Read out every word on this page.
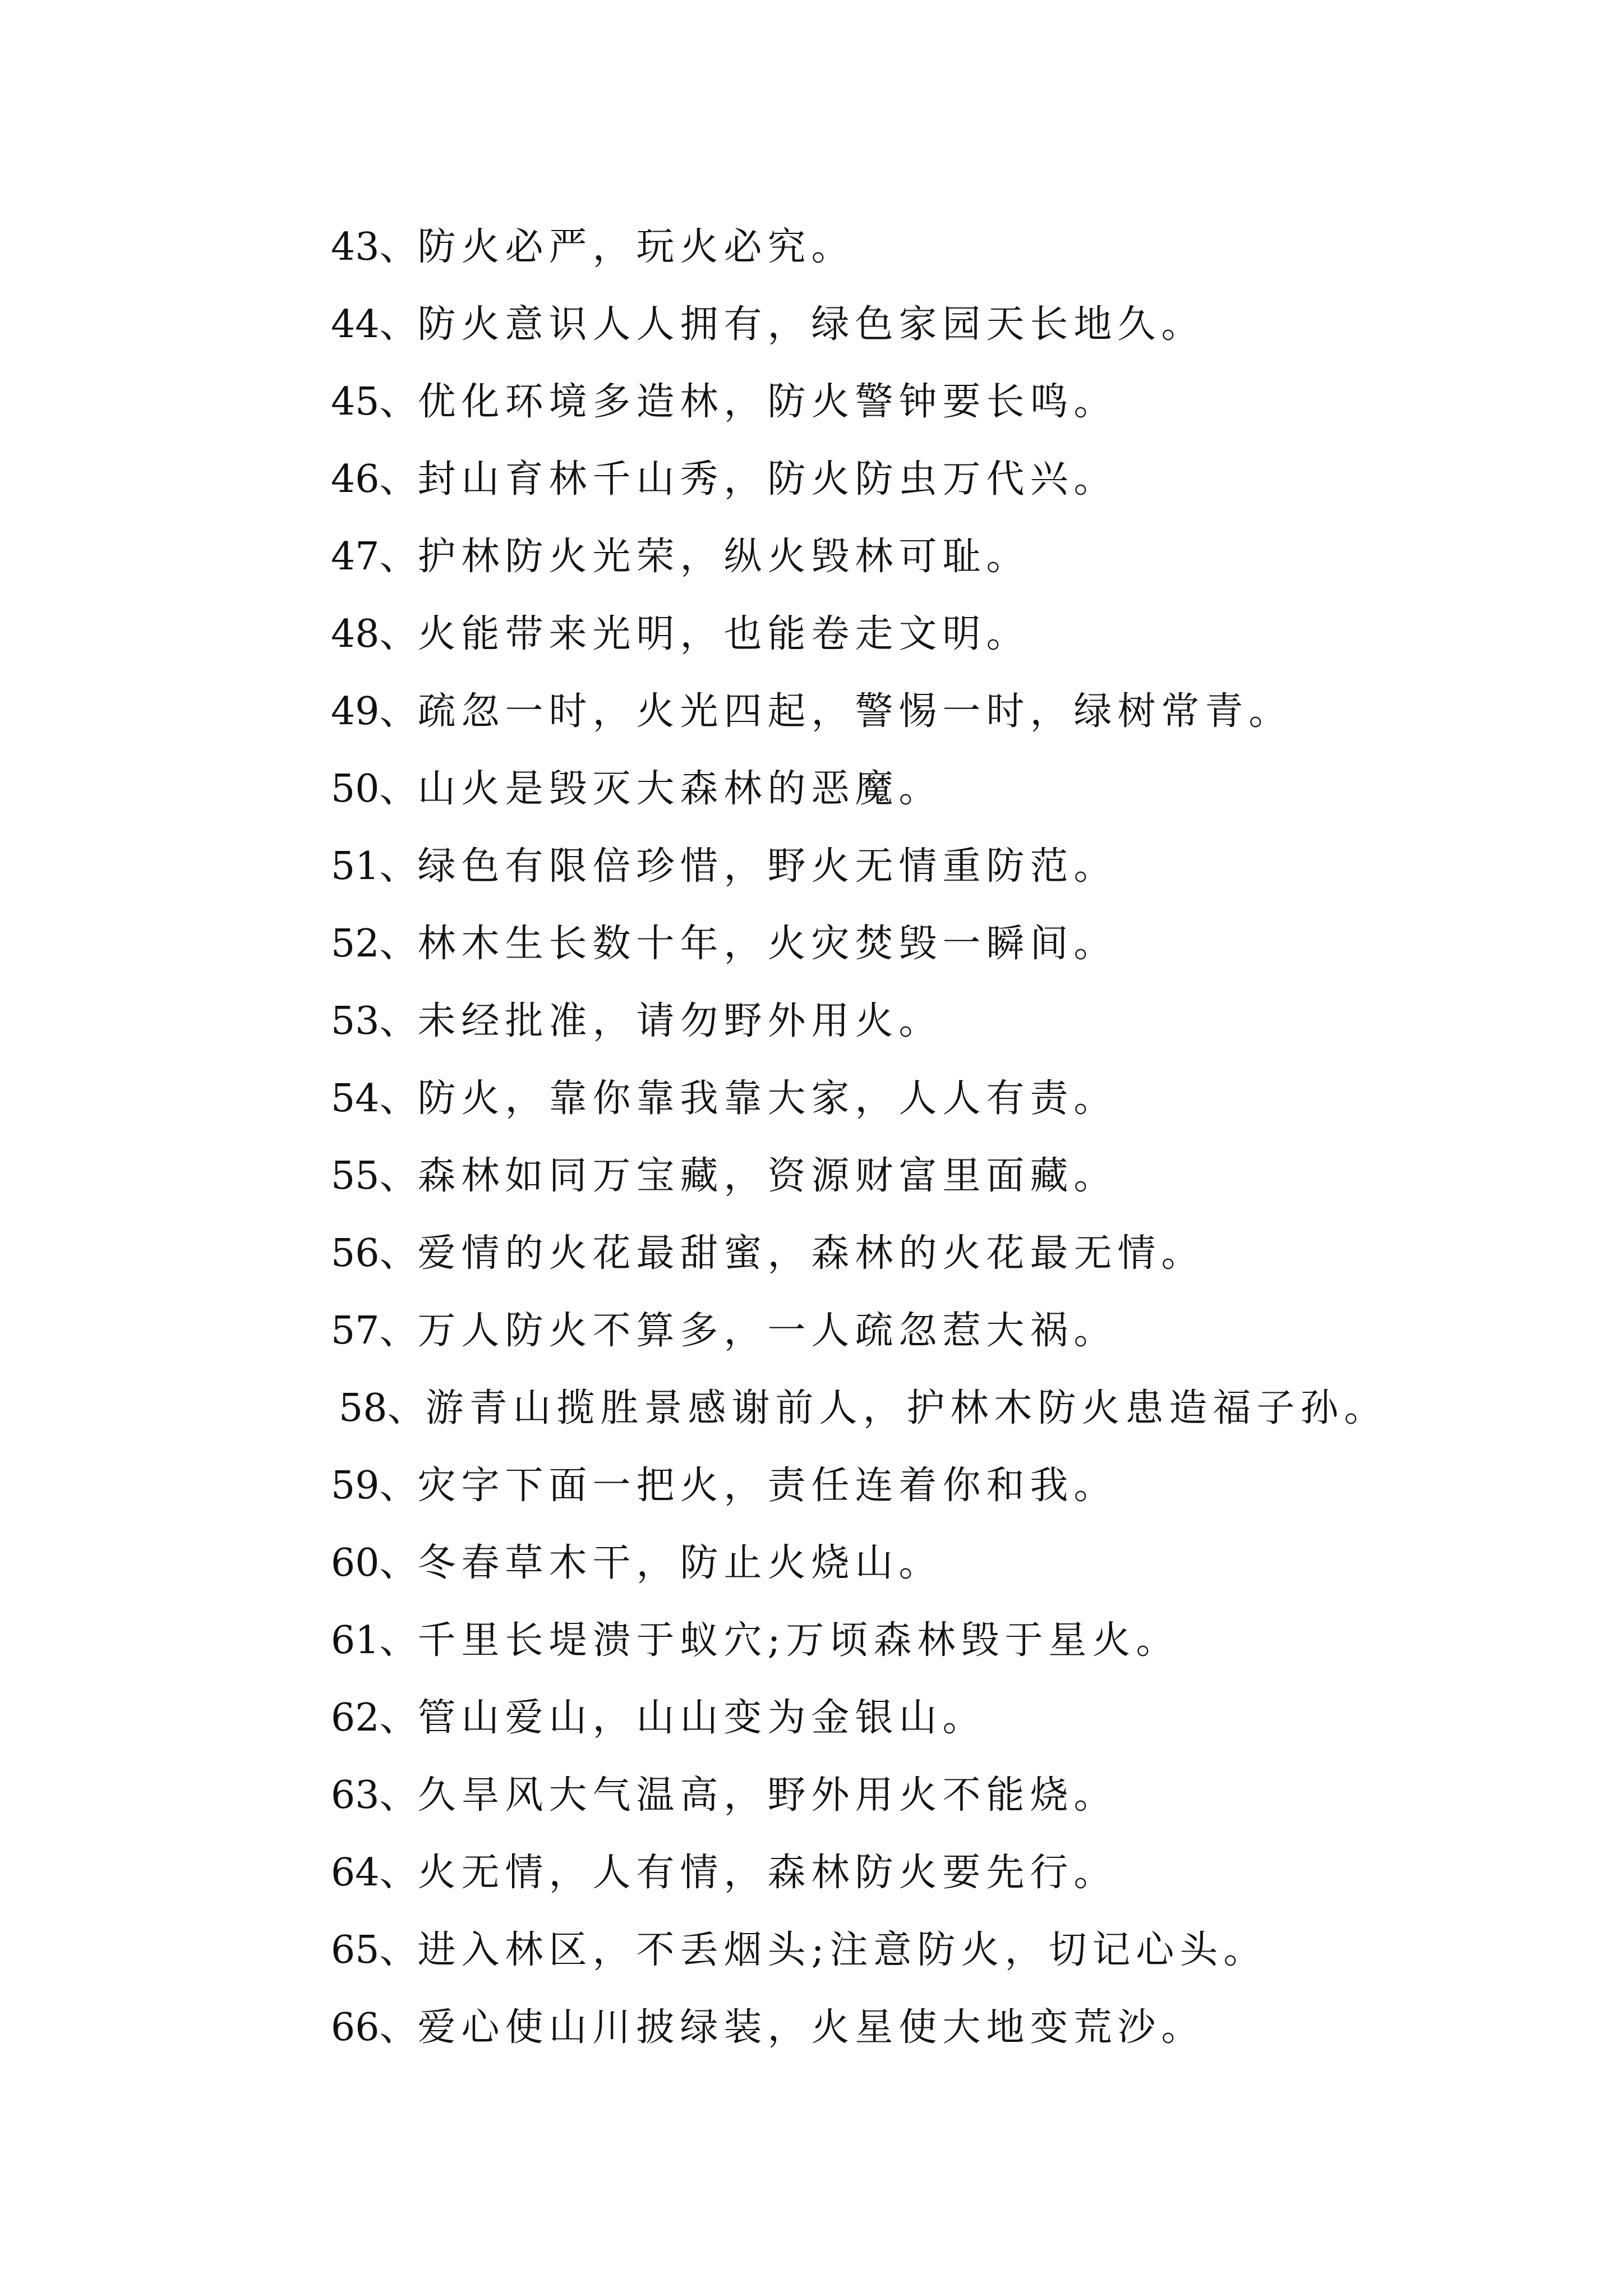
43、防火必严，玩火必究。
44、防火意识人人拥有，绿色家园天长地久。
45、优化环境多造林，防火警钟要长鸣。
46、封山育林千山秀，防火防虫万代兴。
47、护林防火光荣，纵火毁林可耻。
48、火能带来光明，也能卷走文明。
49、疏忽一时，火光四起，警惕一时，绿树常青。
50、山火是毁灭大森林的恶魔。
51、绿色有限倍珍惜，野火无情重防范。
52、林木生长数十年，火灾焚毁一瞬间。
53、未经批准，请勿野外用火。
54、防火，靠你靠我靠大家，人人有责。
55、森林如同万宝藏，资源财富里面藏。
56、爱情的火花最甜蜜，森林的火花最无情。
57、万人防火不算多，一人疏忽惹大祸。
58、游青山揽胜景感谢前人，护林木防火患造福子孙。
59、灾字下面一把火，责任连着你和我。
60、冬春草木干，防止火烧山。
61、千里长堤溃于蚁穴;万顷森林毁于星火。
62、管山爱山，山山变为金银山。
63、久旱风大气温高，野外用火不能烧。
64、火无情，人有情，森林防火要先行。
65、进入林区，不丢烟头;注意防火，切记心头。
66、爱心使山川披绿装，火星使大地变荒沙。
